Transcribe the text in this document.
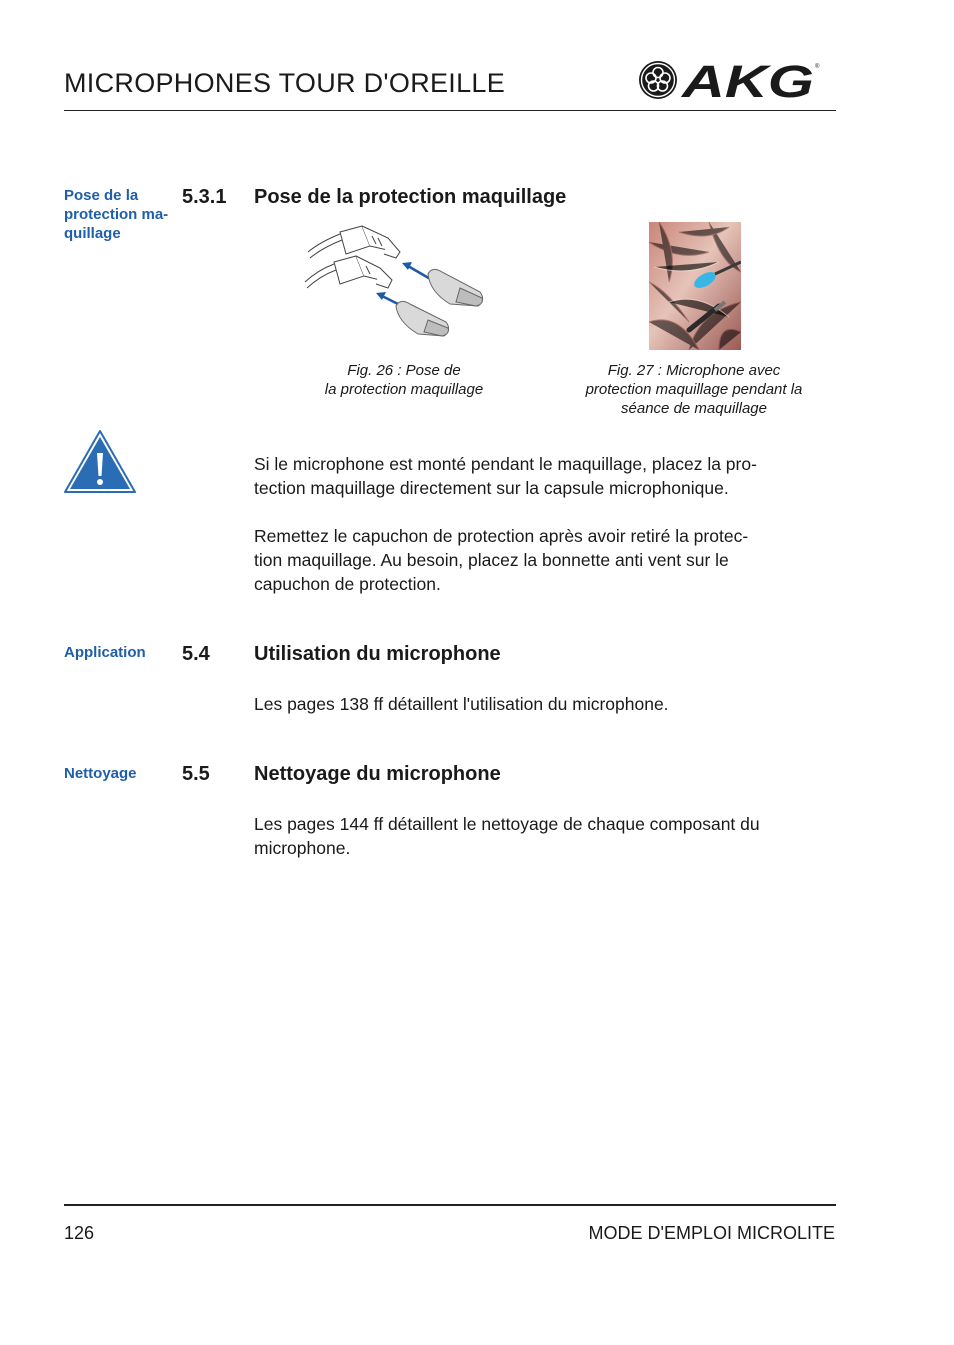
MICROPHONES TOUR D'OREILLE	AKG ®

Pose de la
protection ma-
quillage

5.3.1 Pose de la protection maquillage

Fig. 26 : Pose de
la protection maquillage

Fig. 27 : Microphone avec
protection maquillage pendant la
séance de maquillage

Si le microphone est monté pendant le maquillage, placez la pro-
tection maquillage directement sur la capsule microphonique.

Remettez le capuchon de protection après avoir retiré la protec-
tion maquillage. Au besoin, placez la bonnette anti vent sur le
capuchon de protection.

Application 5.4 Utilisation du microphone

Les pages 138 ff détaillent l'utilisation du microphone.

Nettoyage 5.5 Nettoyage du microphone

Les pages 144 ff détaillent le nettoyage de chaque composant du
microphone.

126	MODE D'EMPLOI MICROLITE
